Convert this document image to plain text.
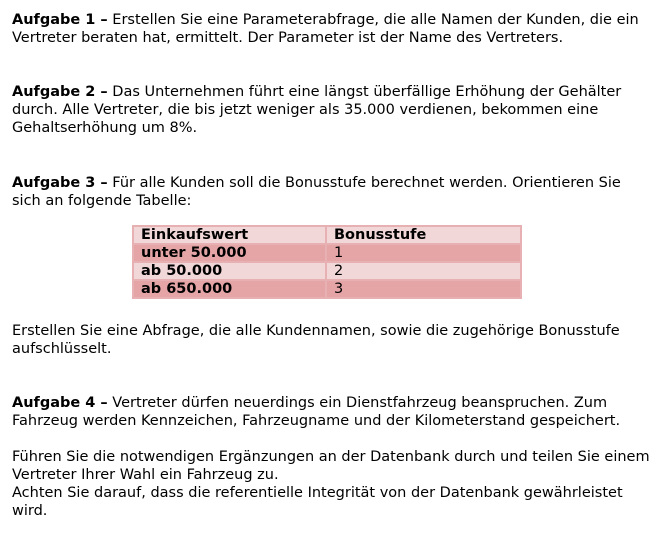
Aufgabe 1 – Erstellen Sie eine Parameterabfrage, die alle Namen der Kunden, die ein Vertreter beraten hat, ermittelt. Der Parameter ist der Name des Vertreters.

Aufgabe 2 – Das Unternehmen führt eine längst überfällige Erhöhung der Gehälter durch. Alle Vertreter, die bis jetzt weniger als 35.000 verdienen, bekommen eine Gehaltserhöhung um 8%.

Aufgabe 3 – Für alle Kunden soll die Bonusstufe berechnet werden. Orientieren Sie sich an folgende Tabelle:

Einkaufswert	Bonusstufe
unter 50.000	1
ab 50.000	2
ab 650.000	3

Erstellen Sie eine Abfrage, die alle Kundennamen, sowie die zugehörige Bonusstufe aufschlüsselt.

Aufgabe 4 – Vertreter dürfen neuerdings ein Dienstfahrzeug beanspruchen. Zum Fahrzeug werden Kennzeichen, Fahrzeugname und der Kilometerstand gespeichert.

Führen Sie die notwendigen Ergänzungen an der Datenbank durch und teilen Sie einem Vertreter Ihrer Wahl ein Fahrzeug zu.

Achten Sie darauf, dass die referentielle Integrität von der Datenbank gewährleistet wird.
